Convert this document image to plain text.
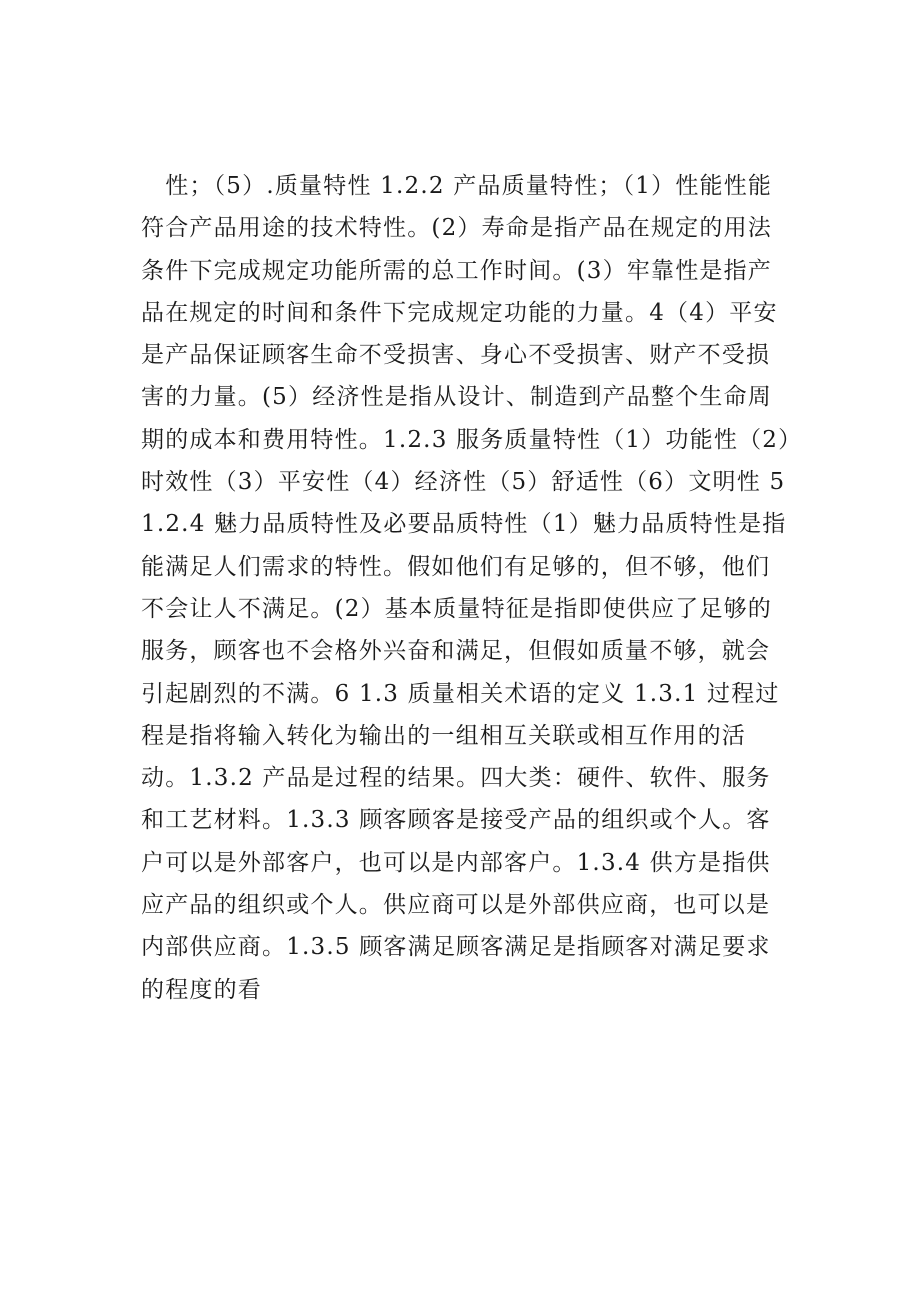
　性；（5）.质量特性 1.2.2 产品质量特性；（1）性能性能
符合产品用途的技术特性。(2）寿命是指产品在规定的用法
条件下完成规定功能所需的总工作时间。(3）牢靠性是指产
品在规定的时间和条件下完成规定功能的力量。4（4）平安
是产品保证顾客生命不受损害、身心不受损害、财产不受损
害的力量。(5）经济性是指从设计、制造到产品整个生命周
期的成本和费用特性。1.2.3 服务质量特性（1）功能性（2）
时效性（3）平安性（4）经济性（5）舒适性（6）文明性 5
1.2.4 魅力品质特性及必要品质特性（1）魅力品质特性是指
能满足人们需求的特性。假如他们有足够的，但不够，他们
不会让人不满足。(2）基本质量特征是指即使供应了足够的
服务，顾客也不会格外兴奋和满足，但假如质量不够，就会
引起剧烈的不满。6 1.3 质量相关术语的定义 1.3.1 过程过
程是指将输入转化为输出的一组相互关联或相互作用的活
动。1.3.2 产品是过程的结果。四大类：硬件、软件、服务
和工艺材料。1.3.3 顾客顾客是接受产品的组织或个人。客
户可以是外部客户，也可以是内部客户。1.3.4 供方是指供
应产品的组织或个人。供应商可以是外部供应商，也可以是
内部供应商。1.3.5 顾客满足顾客满足是指顾客对满足要求
的程度的看
